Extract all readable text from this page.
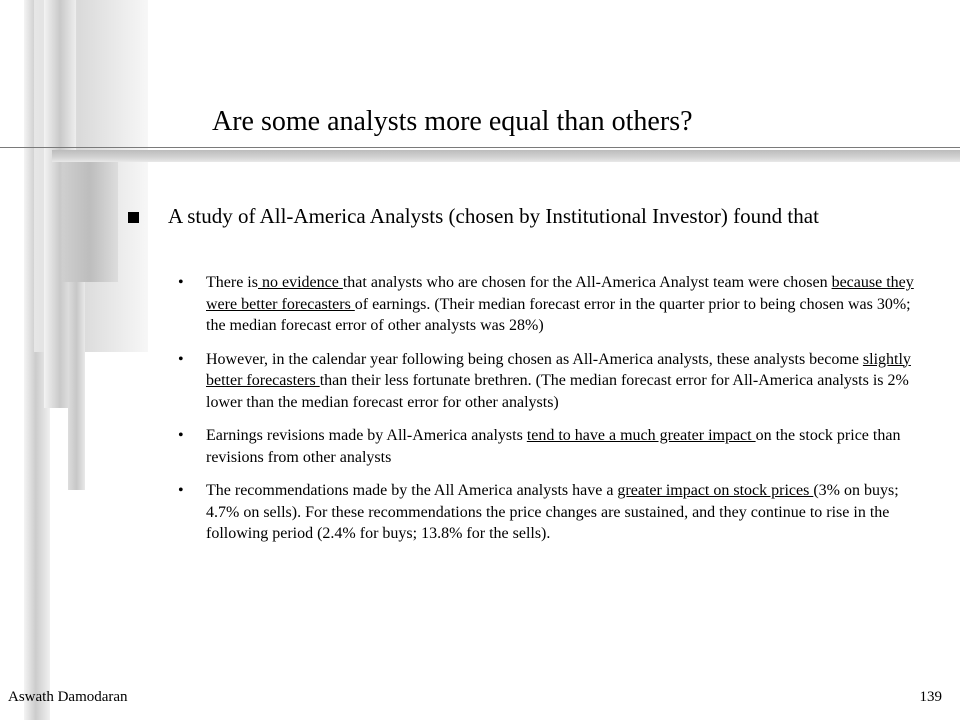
Are some analysts more equal than others?

A study of All-America Analysts (chosen by Institutional Investor) found that

• There is no evidence that analysts who are chosen for the All-America Analyst team were chosen because they were better forecasters of earnings. (Their median forecast error in the quarter prior to being chosen was 30%; the median forecast error of other analysts was 28%)
• However, in the calendar year following being chosen as All-America analysts, these analysts become slightly better forecasters than their less fortunate brethren. (The median forecast error for All-America analysts is 2% lower than the median forecast error for other analysts)
• Earnings revisions made by All-America analysts tend to have a much greater impact on the stock price than revisions from other analysts
• The recommendations made by the All America analysts have a greater impact on stock prices (3% on buys; 4.7% on sells). For these recommendations the price changes are sustained, and they continue to rise in the following period (2.4% for buys; 13.8% for the sells).
Aswath Damodaran	139
